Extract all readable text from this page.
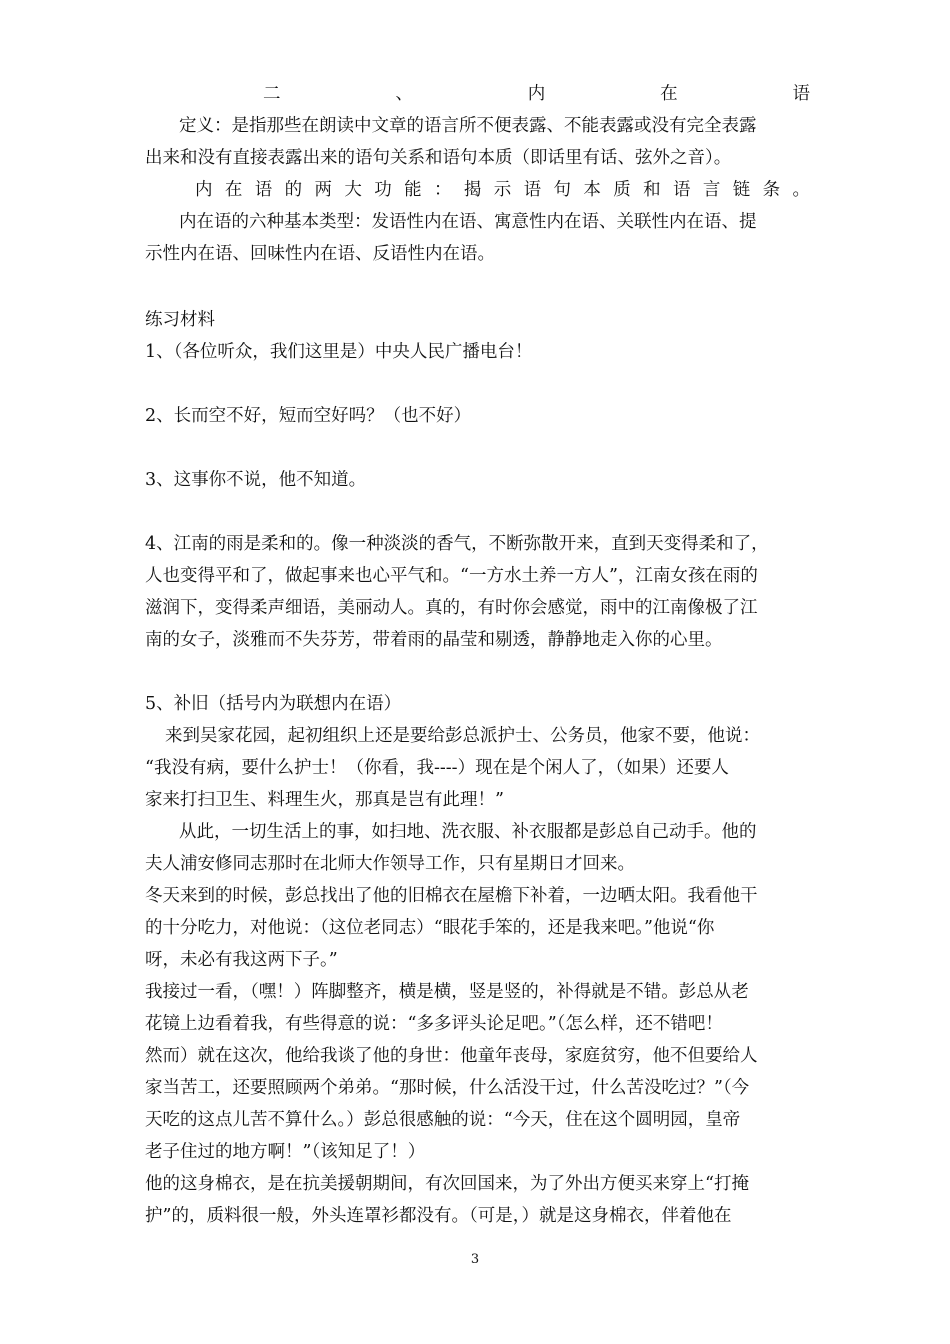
二	、	内	在	语
定义：是指那些在朗读中文章的语言所不便表露、不能表露或没有完全表露
出来和没有直接表露出来的语句关系和语句本质（即话里有话、弦外之音）。
内 在 语 的 两 大 功 能 ： 揭 示 语 句 本 质 和 语 言 链 条 。
内在语的六种基本类型：发语性内在语、寓意性内在语、关联性内在语、提
示性内在语、回味性内在语、反语性内在语。
练习材料
1、（各位听众，我们这里是）中央人民广播电台！
2、长而空不好，短而空好吗？（也不好）
3、这事你不说，他不知道。
4、江南的雨是柔和的。像一种淡淡的香气，不断弥散开来，直到天变得柔和了，
人也变得平和了，做起事来也心平气和。“一方水土养一方人”，江南女孩在雨的
滋润下，变得柔声细语，美丽动人。真的，有时你会感觉，雨中的江南像极了江
南的女子，淡雅而不失芬芳，带着雨的晶莹和剔透，静静地走入你的心里。
5、补旧（括号内为联想内在语）
来到吴家花园，起初组织上还是要给彭总派护士、公务员，他家不要，他说：
“我没有病，要什么护士！（你看，我----）现在是个闲人了，（如果）还要人
家来打扫卫生、料理生火，那真是岂有此理！”
从此，一切生活上的事，如扫地、洗衣服、补衣服都是彭总自己动手。他的
夫人浦安修同志那时在北师大作领导工作，只有星期日才回来。
冬天来到的时候，彭总找出了他的旧棉衣在屋檐下补着，一边晒太阳。我看他干
的十分吃力，对他说：（这位老同志）“眼花手笨的，还是我来吧。”他说“你
呀，未必有我这两下子。”
我接过一看，（嘿！）阵脚整齐，横是横，竖是竖的，补得就是不错。彭总从老
花镜上边看着我，有些得意的说：“多多评头论足吧。”（怎么样，还不错吧！
然而）就在这次，他给我谈了他的身世：他童年丧母，家庭贫穷，他不但要给人
家当苦工，还要照顾两个弟弟。“那时候，什么活没干过，什么苦没吃过？”（今
天吃的这点儿苦不算什么。）彭总很感触的说：“今天，住在这个圆明园，皇帝
老子住过的地方啊！”（该知足了！）
他的这身棉衣，是在抗美援朝期间，有次回国来，为了外出方便买来穿上“打掩
护”的，质料很一般，外头连罩衫都没有。（可是，）就是这身棉衣，伴着他在
3
